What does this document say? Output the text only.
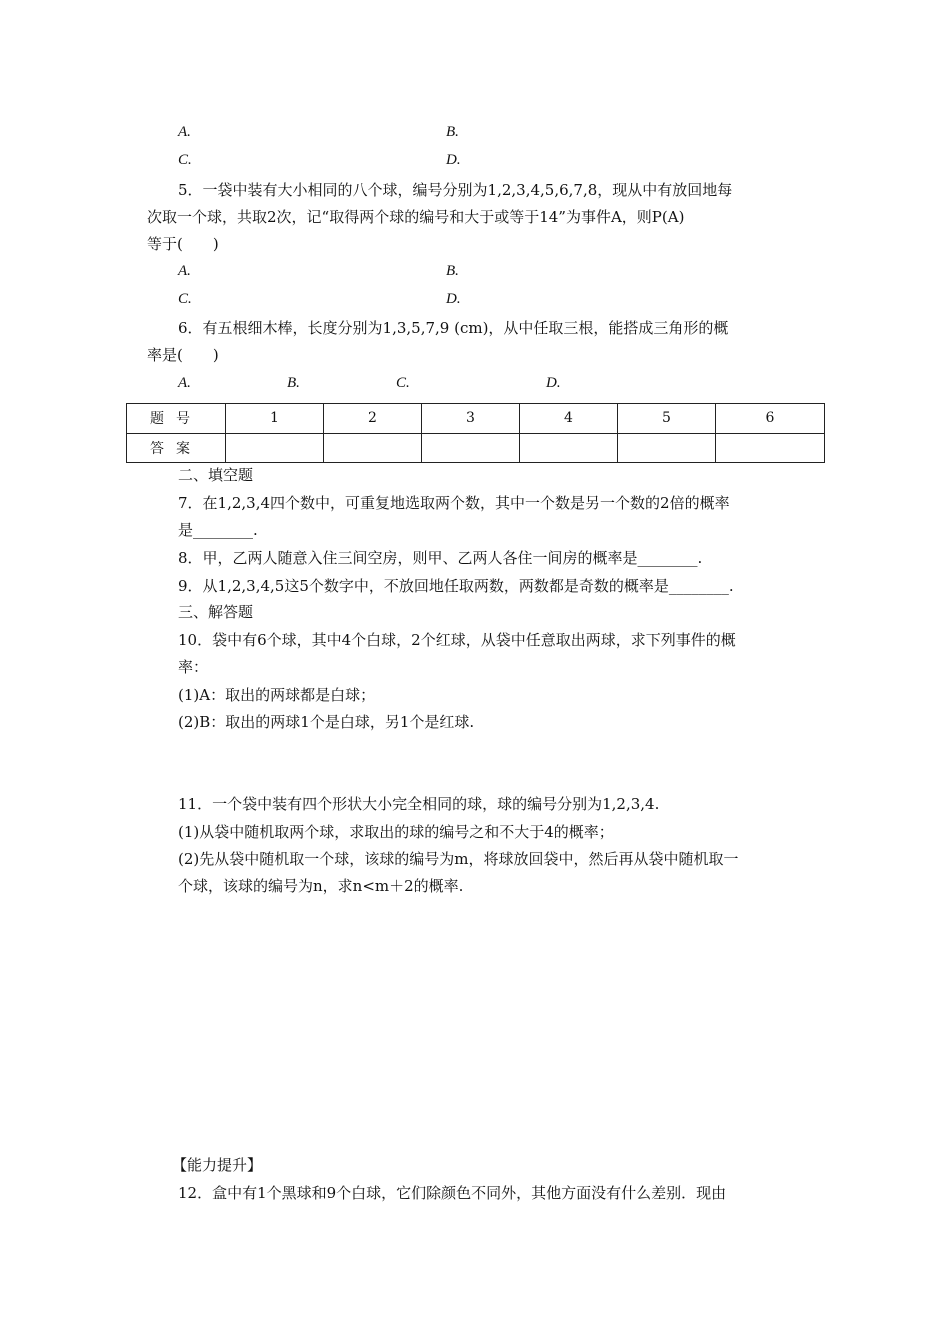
A.	B.
C.	D.
5．一袋中装有大小相同的八个球，编号分别为1,2,3,4,5,6,7,8，现从中有放回地每
次取一个球，共取2次，记“取得两个球的编号和大于或等于14”为事件A，则P(A)
等于(　　)
A.	B.
C.	D.
6．有五根细木棒，长度分别为1,3,5,7,9 (cm)，从中任取三根，能搭成三角形的概
率是(　　)
A.	B.	C.	D.
题号	1	2	3	4	5	6
答案						
二、填空题
7．在1,2,3,4四个数中，可重复地选取两个数，其中一个数是另一个数的2倍的概率
是________.
8．甲，乙两人随意入住三间空房，则甲、乙两人各住一间房的概率是________.
9．从1,2,3,4,5这5个数字中，不放回地任取两数，两数都是奇数的概率是________.
三、解答题
10．袋中有6个球，其中4个白球，2个红球，从袋中任意取出两球，求下列事件的概
率：
(1)A：取出的两球都是白球；
(2)B：取出的两球1个是白球，另1个是红球.
11．一个袋中装有四个形状大小完全相同的球，球的编号分别为1,2,3,4.
(1)从袋中随机取两个球，求取出的球的编号之和不大于4的概率；
(2)先从袋中随机取一个球，该球的编号为m，将球放回袋中，然后再从袋中随机取一
个球，该球的编号为n，求n<m＋2的概率.
【能力提升】
12．盒中有1个黑球和9个白球，它们除颜色不同外，其他方面没有什么差别．现由
